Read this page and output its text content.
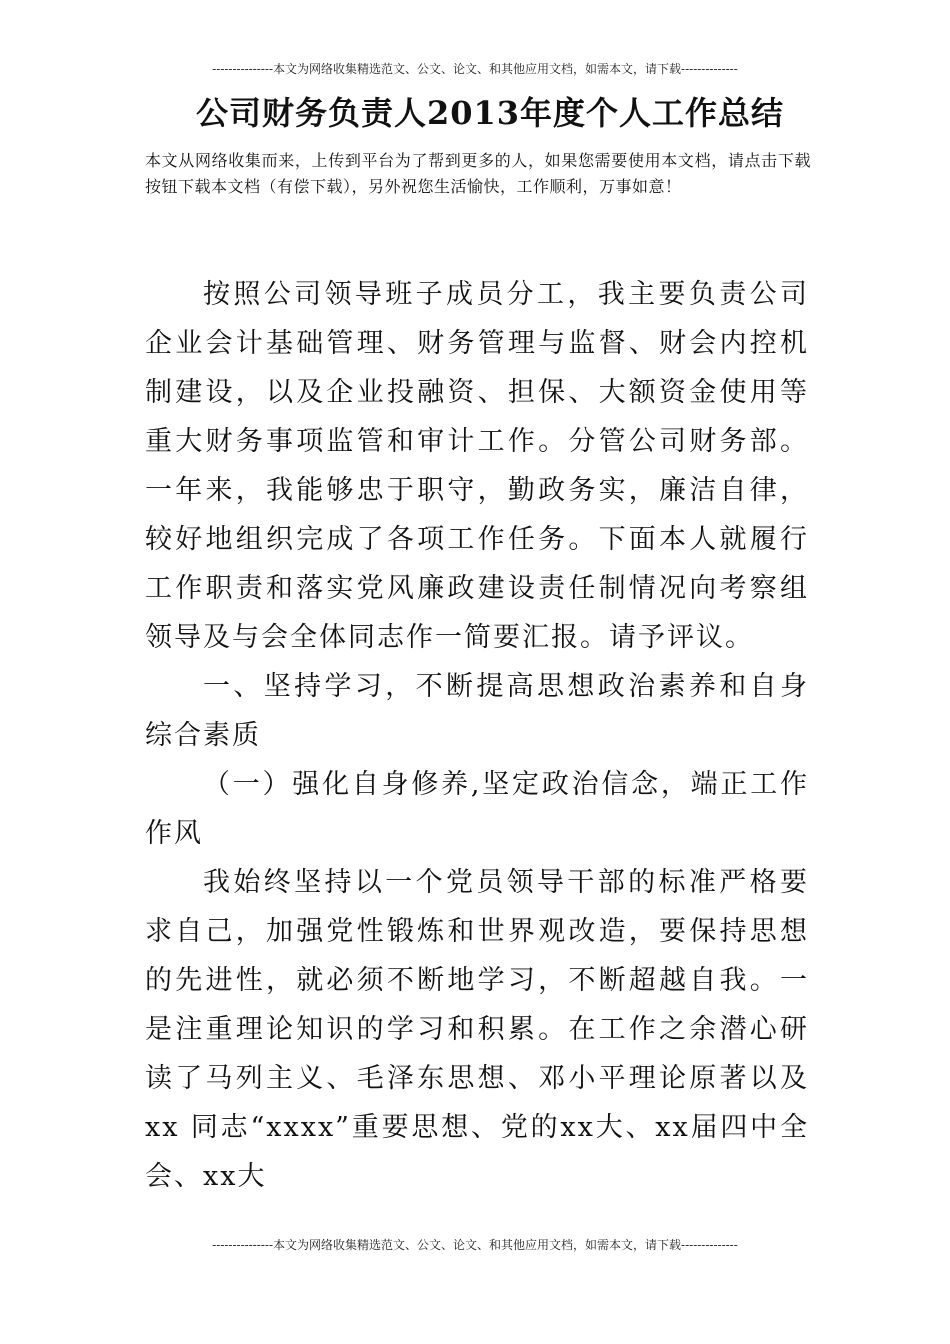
---------------本文为网络收集精选范文、公文、论文、和其他应用文档，如需本文，请下载--------------
公司财务负责人2013年度个人工作总结
本文从网络收集而来，上传到平台为了帮到更多的人，如果您需要使用本文档，请点击下载按钮下载本文档（有偿下载），另外祝您生活愉快，工作顺利，万事如意！

按照公司领导班子成员分工，我主要负责公司企业会计基础管理、财务管理与监督、财会内控机制建设，以及企业投融资、担保、大额资金使用等重大财务事项监管和审计工作。分管公司财务部。一年来，我能够忠于职守，勤政务实，廉洁自律，较好地组织完成了各项工作任务。下面本人就履行工作职责和落实党风廉政建设责任制情况向考察组领导及与会全体同志作一简要汇报。请予评议。

一、坚持学习，不断提高思想政治素养和自身综合素质

（一）强化自身修养,坚定政治信念，端正工作作风

我始终坚持以一个党员领导干部的标准严格要求自己，加强党性锻炼和世界观改造，要保持思想的先进性，就必须不断地学习，不断超越自我。一是注重理论知识的学习和积累。在工作之余潜心研读了马列主义、毛泽东思想、邓小平理论原著以及 xx 同志“xxxx”重要思想、党的xx大、xx届四中全会、xx大

---------------本文为网络收集精选范文、公文、论文、和其他应用文档，如需本文，请下载--------------
